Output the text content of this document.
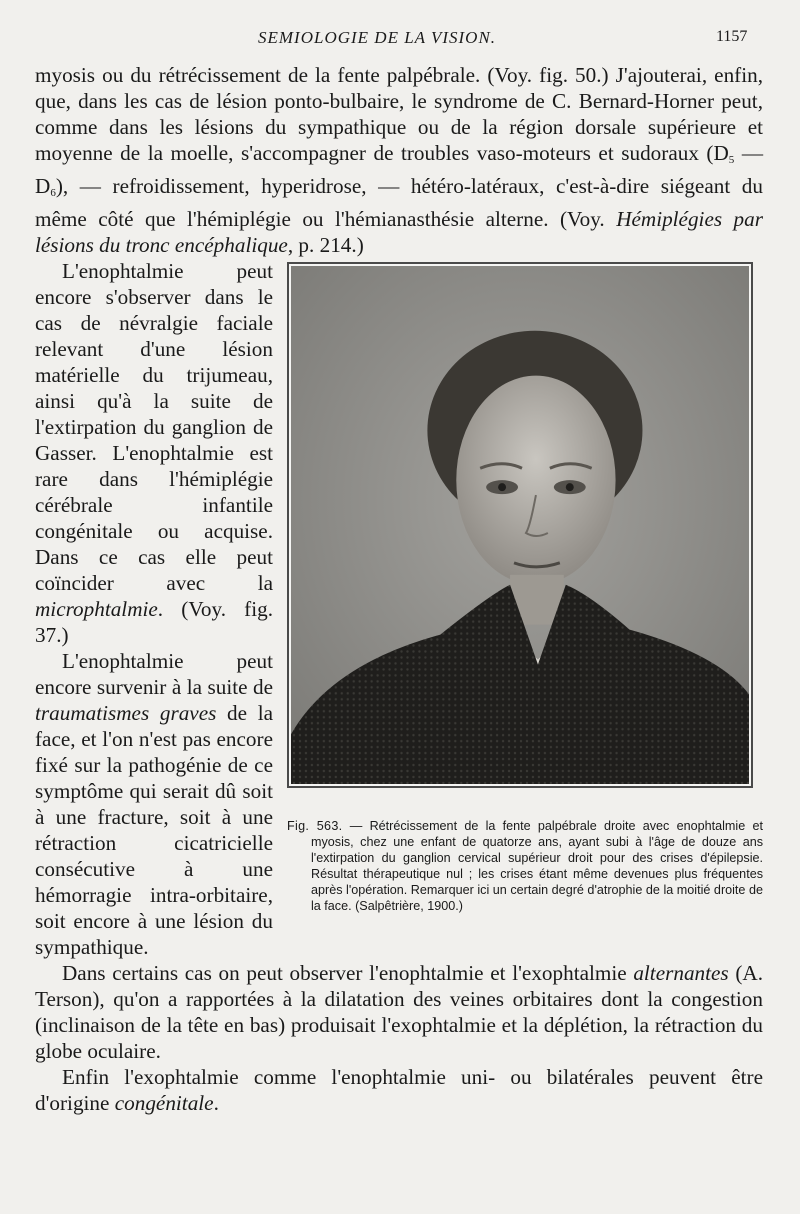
SEMIOLOGIE DE LA VISION.	1157

myosis ou du rétrécissement de la fente palpébrale. (Voy. fig. 50.) J'ajouterai, enfin, que, dans les cas de lésion ponto-bulbaire, le syndrome de C. Bernard-Horner peut, comme dans les lésions du sympathique ou de la région dorsale supérieure et moyenne de la moelle, s'accompagner de troubles vaso-moteurs et sudoraux ($D_5$ — $D_6$), — refroidissement, hyperidrose, — hétéro-latéraux, c'est-à-dire siégeant du même côté que l'hémiplégie ou l'hémianasthésie alterne. (Voy. Hémiplégies par lésions du tronc encéphalique, p. 214.)

Fig. 563. — Rétrécissement de la fente palpébrale droite avec enophtalmie et myosis, chez une enfant de quatorze ans, ayant subi à l'âge de douze ans l'extirpation du ganglion cervical supérieur droit pour des crises d'épilepsie. Résultat thérapeutique nul ; les crises étant même devenues plus fréquentes après l'opération. Remarquer ici un certain degré d'atrophie de la moitié droite de la face. (Salpêtrière, 1900.)

L'enophtalmie peut encore s'observer dans le cas de névralgie faciale relevant d'une lésion matérielle du trijumeau, ainsi qu'à la suite de l'extirpation du ganglion de Gasser. L'enophtalmie est rare dans l'hémiplégie cérébrale infantile congénitale ou acquise. Dans ce cas elle peut coïncider avec la microphtalmie. (Voy. fig. 37.)

L'enophtalmie peut encore survenir à la suite de traumatismes graves de la face, et l'on n'est pas encore fixé sur la pathogénie de ce symptôme qui serait dû soit à une fracture, soit à une rétraction cicatricielle consécutive à une hémorragie intra-orbitaire, soit encore à une lésion du sympathique.

Dans certains cas on peut observer l'enophtalmie et l'exophtalmie alternantes (A. Terson), qu'on a rapportées à la dilatation des veines orbitaires dont la congestion (inclinaison de la tête en bas) produisait l'exophtalmie et la déplétion, la rétraction du globe oculaire.

Enfin l'exophtalmie comme l'enophtalmie uni- ou bilatérales peuvent être d'origine congénitale.
